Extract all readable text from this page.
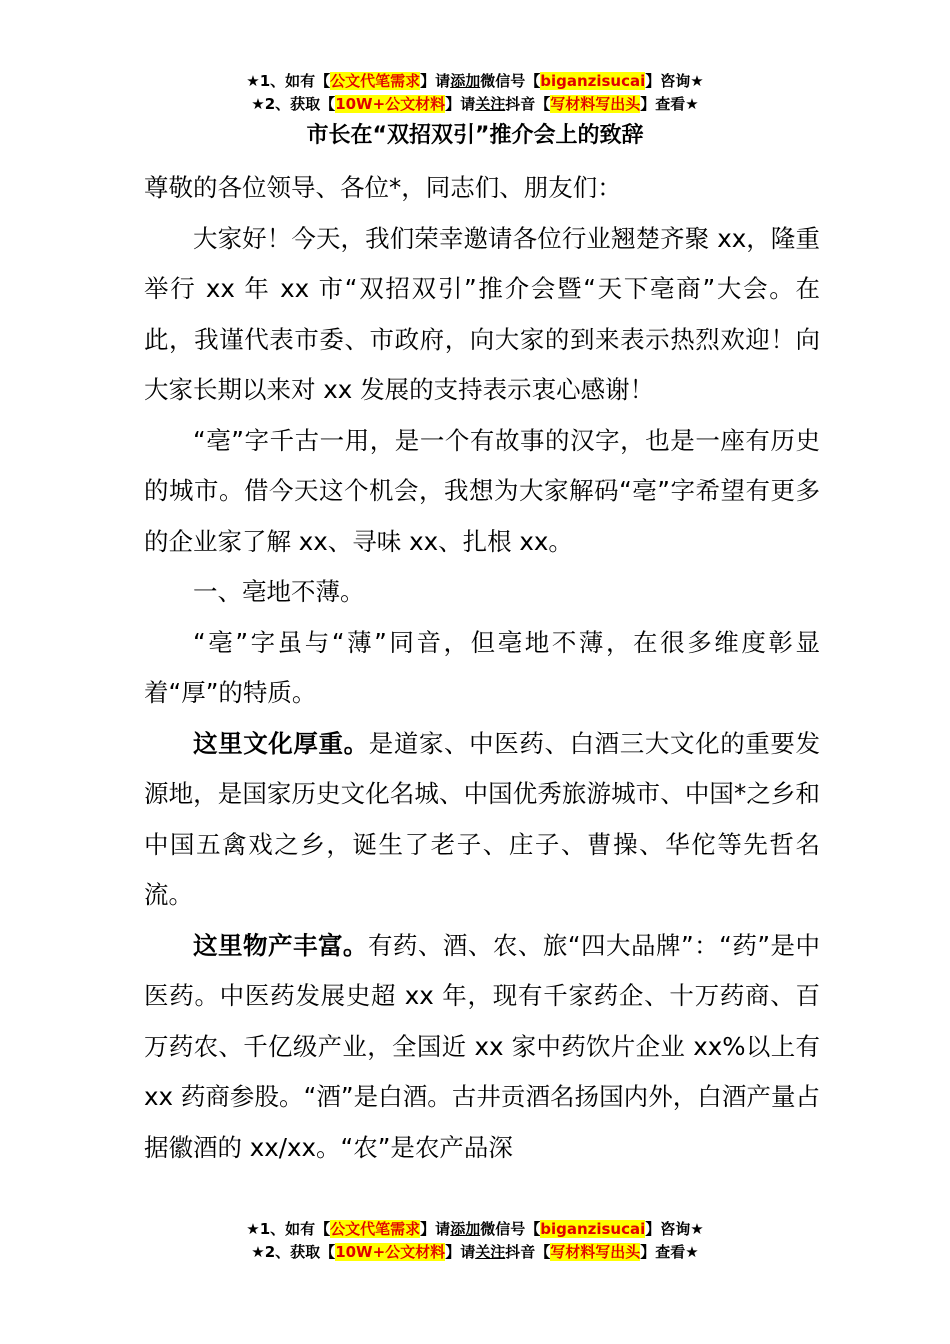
★1、如有【公文代笔需求】请添加微信号【biganzisucai】咨询★
★2、获取【10W+公文材料】请关注抖音【写材料写出头】查看★
市长在“双招双引”推介会上的致辞

尊敬的各位领导、各位*，同志们、朋友们：

大家好！今天，我们荣幸邀请各位行业翘楚齐聚 xx，隆重举行 xx 年 xx 市“双招双引”推介会暨“天下亳商”大会。在此，我谨代表市委、市政府，向大家的到来表示热烈欢迎！向大家长期以来对 xx 发展的支持表示衷心感谢！

“亳”字千古一用，是一个有故事的汉字，也是一座有历史的城市。借今天这个机会，我想为大家解码“亳”字希望有更多的企业家了解 xx、寻味 xx、扎根 xx。

一、亳地不薄。

“亳”字虽与“薄”同音，但亳地不薄，在很多维度彰显着“厚”的特质。

这里文化厚重。是道家、中医药、白酒三大文化的重要发源地，是国家历史文化名城、中国优秀旅游城市、中国*之乡和中国五禽戏之乡，诞生了老子、庄子、曹操、华佗等先哲名流。

这里物产丰富。有药、酒、农、旅“四大品牌”：“药”是中医药。中医药发展史超 xx 年，现有千家药企、十万药商、百万药农、千亿级产业，全国近 xx 家中药饮片企业 xx%以上有 xx 药商参股。“酒”是白酒。古井贡酒名扬国内外，白酒产量占据徽酒的 xx/xx。“农”是农产品深

★1、如有【公文代笔需求】请添加微信号【biganzisucai】咨询★
★2、获取【10W+公文材料】请关注抖音【写材料写出头】查看★
